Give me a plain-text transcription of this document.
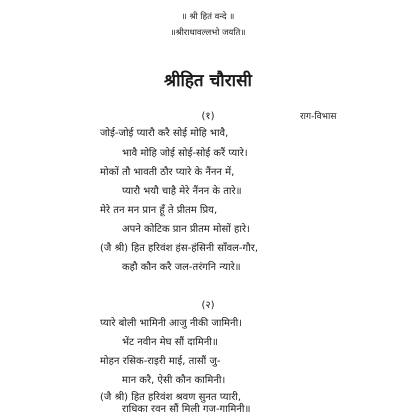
॥ श्री हितं वन्दे ॥
॥श्रीराधावल्लभो जयति॥
श्रीहित चौरासी
(१)	राग-विभास
जोई-जोई प्यारौ करै सोई मोहि भावै,
भावै मोहि जोई सोई-सोई करैं प्यारे।
मोकों तौ भावती ठौर प्यारे के नैंनन में,
प्यारौ भयौ चाहै मेरे नैंनन के तारे॥
मेरे तन मन प्रान हूँ ते प्रीतम प्रिय,
अपने कोटिक प्रान प्रीतम मोसों हारे।
(जै श्री) हित हरिवंश हंस-हंसिनी साँवल-गौर,
कहौ कौन करै जल-तरंगनि न्यारे॥
(२)
प्यारे बोली भामिनी आजु नीकी जामिनी।
भेंट नवीन मेघ सौं दामिनी॥
मोहन रसिक-राइरी माई, तासौं जु-
मान करै, ऐसी कौन कामिनी।
(जै श्री) हित हरिवंश श्रवण सुनत प्यारी,
राधिका रवन सौं मिली गज-गामिनी॥
